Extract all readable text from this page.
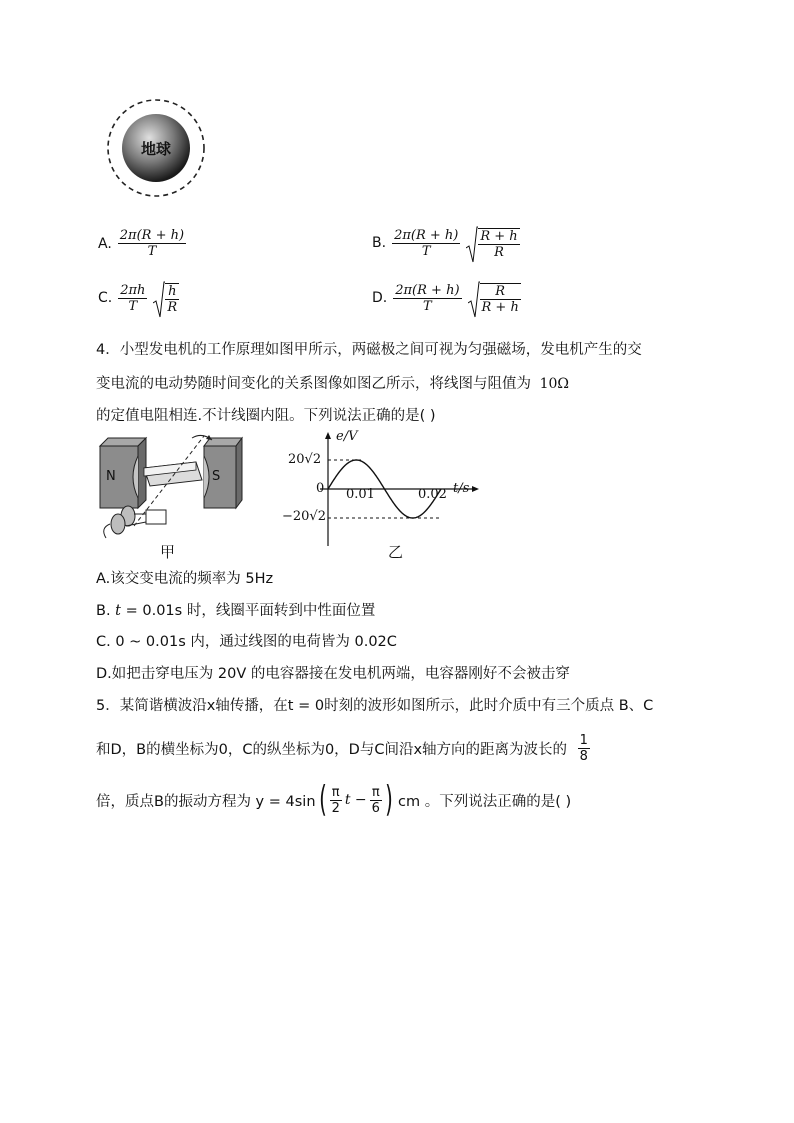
地球
A. $\frac{2\pi(R + h)}{T}$	B. $\frac{2\pi(R + h)}{T} \frac{R + h}{R}$
C. $\frac{2\pi h}{T} \frac{h}{R}$	D. $\frac{2\pi(R + h)}{T} \frac{R}{R + h}$
4．小型发电机的工作原理如图甲所示，两磁极之间可视为匀强磁场，发电机产生的交
变电流的电动势随时间变化的关系图像如图乙所示，将线图与阻值为 10Ω
的定值电阻相连.不计线圈内阻。下列说法正确的是( )
N	S
甲
e/V
t/s
20√2
−20√2
0 0.01	0.02
乙
A.该交变电流的频率为 5Hz
B. t = 0.01s 时，线圈平面转到中性面位置
C. 0 ~ 0.01s 内，通过线图的电荷皆为 0.02C
D.如把击穿电压为 20V 的电容器接在发电机两端，电容器刚好不会被击穿
5．某简谐横波沿x轴传播，在t = 0时刻的波形如图所示，此时介质中有三个质点 B、C
和D，B的横坐标为0，C的纵坐标为0，D与C间沿x轴方向的距离为波长的 $\frac{1}{8}$
倍，质点B的振动方程为 y = 4sin ( $\frac{\pi}{2}$ $t - \frac{\pi}{6}$ ) cm 。下列说法正确的是( )
